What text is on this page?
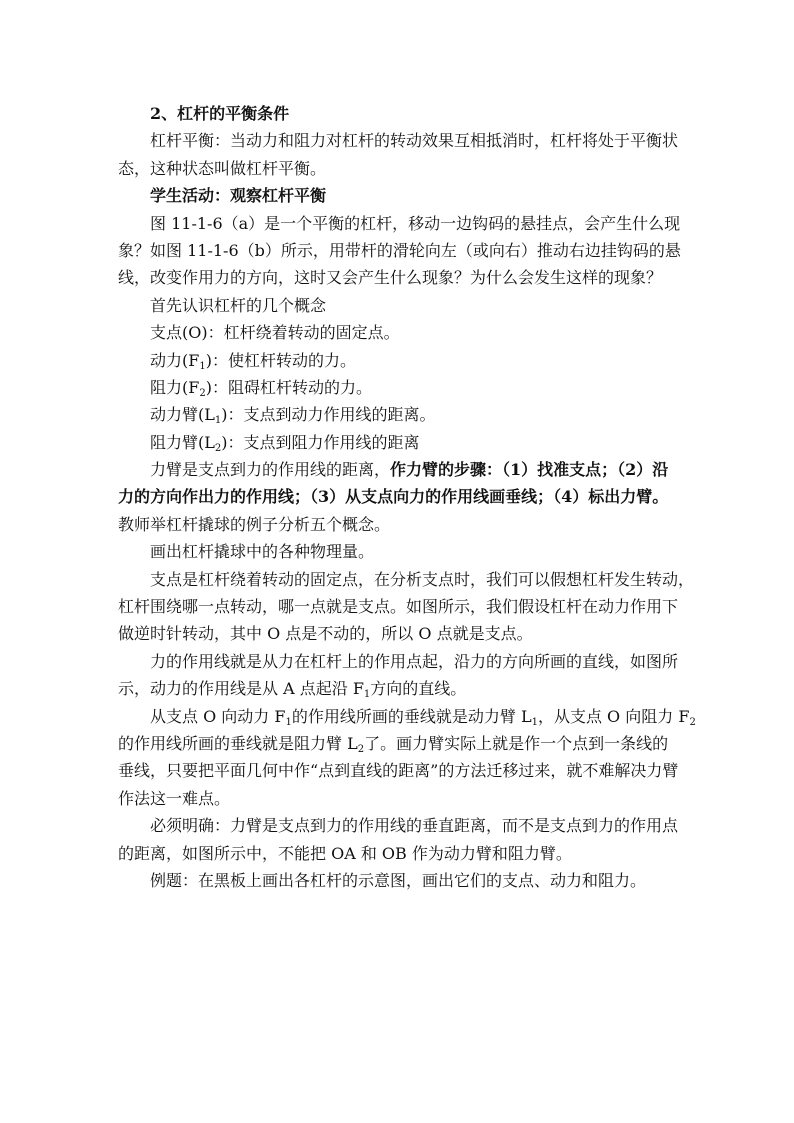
2、杠杆的平衡条件
杠杆平衡：当动力和阻力对杠杆的转动效果互相抵消时，杠杆将处于平衡状
态，这种状态叫做杠杆平衡。
学生活动：观察杠杆平衡
图 11-1-6（a）是一个平衡的杠杆，移动一边钩码的悬挂点，会产生什么现
象？如图 11-1-6（b）所示，用带杆的滑轮向左（或向右）推动右边挂钩码的悬
线，改变作用力的方向，这时又会产生什么现象？为什么会发生这样的现象？
首先认识杠杆的几个概念
支点(O)：杠杆绕着转动的固定点。
动力$(F_1)$：使杠杆转动的力。
阻力$(F_2)$：阻碍杠杆转动的力。
动力臂$(L_1)$：支点到动力作用线的距离。
阻力臂$(L_2)$：支点到阻力作用线的距离
力臂是支点到力的作用线的距离，作力臂的步骤：（1）找准支点；（2）沿
力的方向作出力的作用线；（3）从支点向力的作用线画垂线；（4）标出力臂。
教师举杠杆撬球的例子分析五个概念。
画出杠杆撬球中的各种物理量。
支点是杠杆绕着转动的固定点，在分析支点时，我们可以假想杠杆发生转动，
杠杆围绕哪一点转动，哪一点就是支点。如图所示，我们假设杠杆在动力作用下
做逆时针转动，其中 O 点是不动的，所以 O 点就是支点。
力的作用线就是从力在杠杆上的作用点起，沿力的方向所画的直线，如图所
示，动力的作用线是从 A 点起沿 $F_1$方向的直线。
从支点 O 向动力 $F_1$的作用线所画的垂线就是动力臂 $L_1$，从支点 O 向阻力 $F_2$
的作用线所画的垂线就是阻力臂 $L_2$了。画力臂实际上就是作一个点到一条线的
垂线，只要把平面几何中作“点到直线的距离”的方法迁移过来，就不难解决力臂
作法这一难点。
必须明确：力臂是支点到力的作用线的垂直距离，而不是支点到力的作用点
的距离，如图所示中，不能把 OA 和 OB 作为动力臂和阻力臂。
例题：在黑板上画出各杠杆的示意图，画出它们的支点、动力和阻力。
